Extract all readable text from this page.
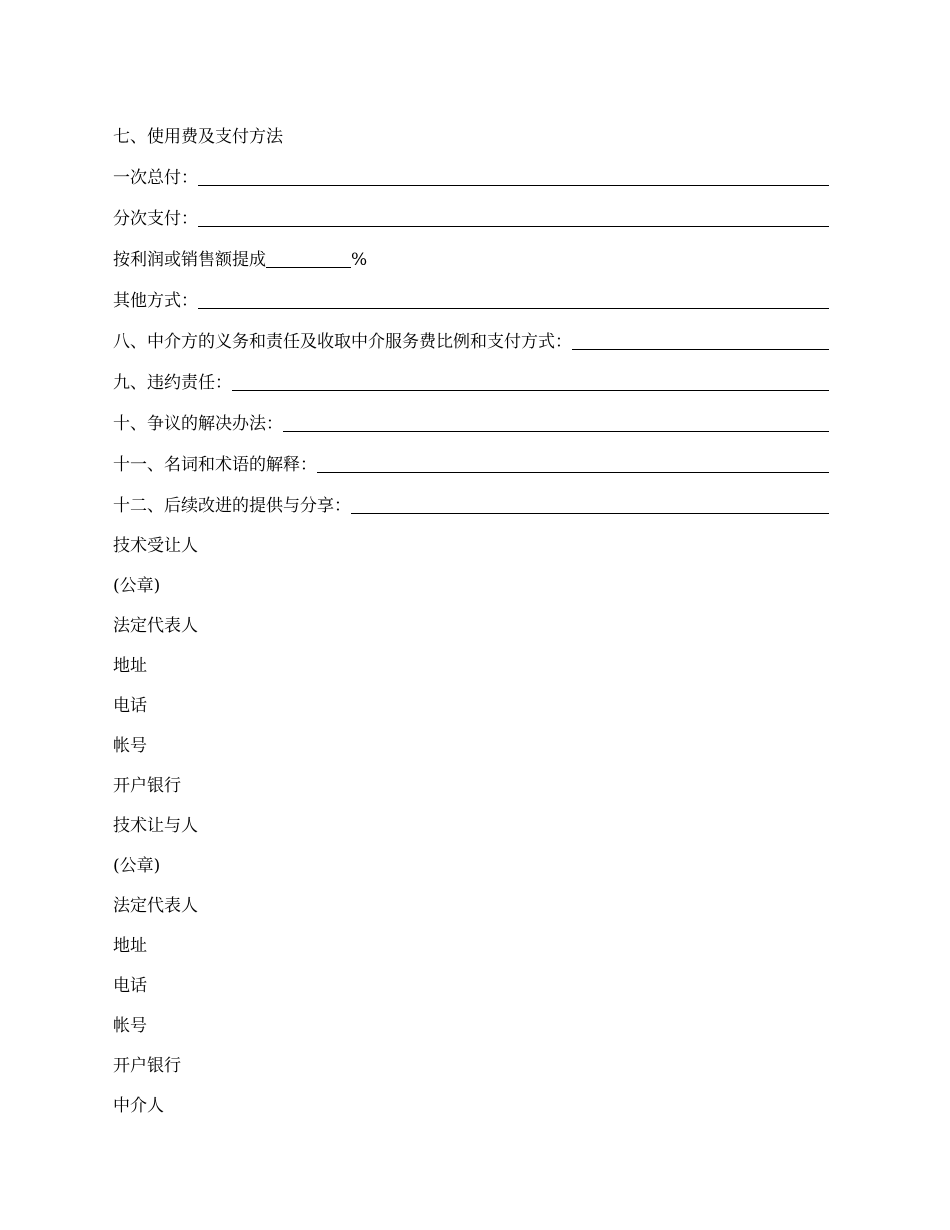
七、使用费及支付方法
一次总付：
分次支付：
按利润或销售额提成	%
其他方式：
八、中介方的义务和责任及收取中介服务费比例和支付方式：
九、违约责任：
十、争议的解决办法：
十一、名词和术语的解释：
十二、后续改进的提供与分享：
技术受让人
(公章)
法定代表人
地址
电话
帐号
开户银行
技术让与人
(公章)
法定代表人
地址
电话
帐号
开户银行
中介人
